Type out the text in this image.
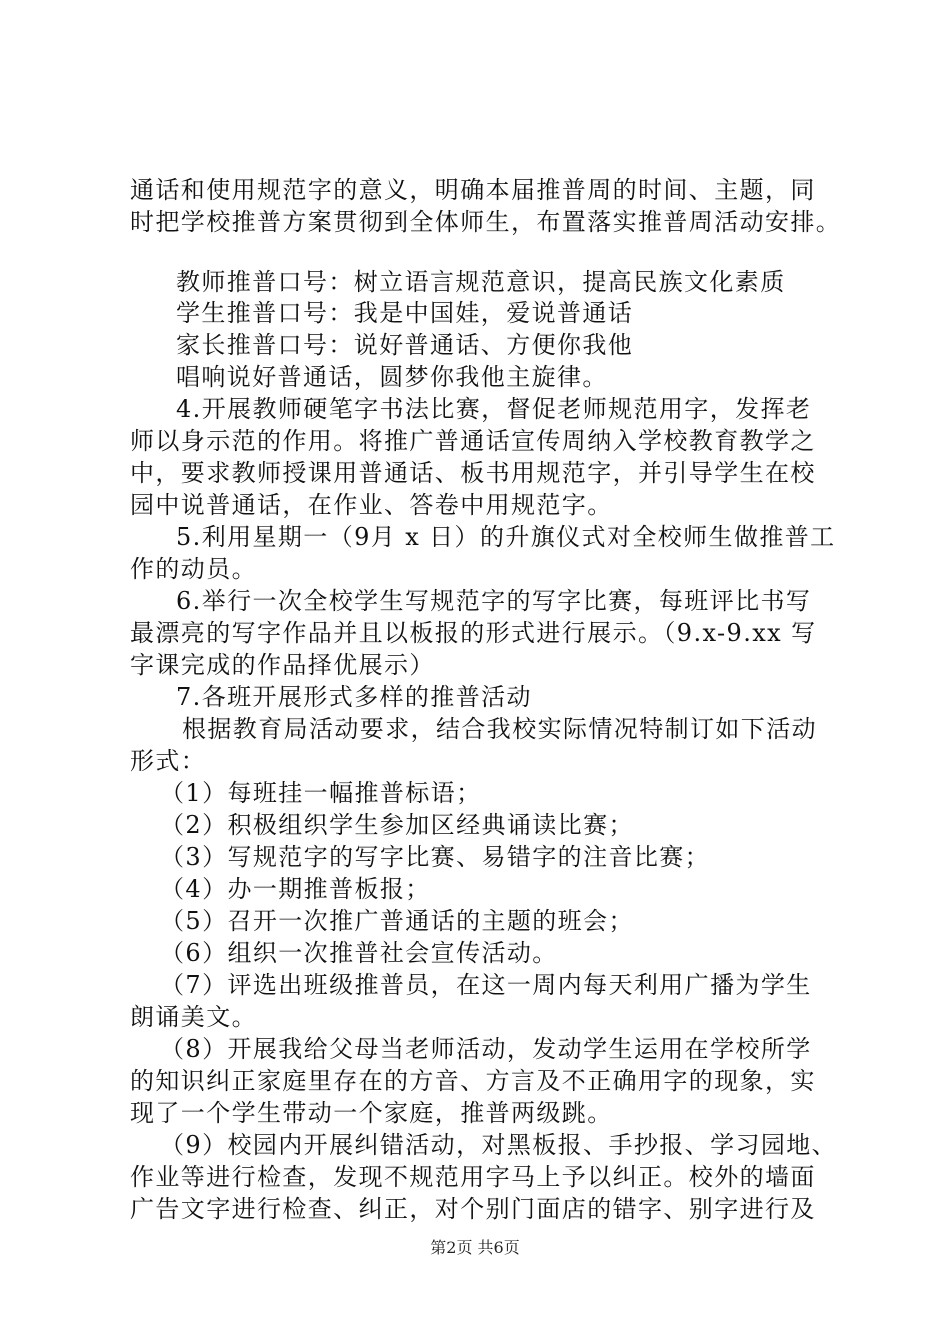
通话和使用规范字的意义，明确本届推普周的时间、主题，同
时把学校推普方案贯彻到全体师生，布置落实推普周活动安排。
教师推普口号：树立语言规范意识，提高民族文化素质
学生推普口号：我是中国娃，爱说普通话
家长推普口号：说好普通话、方便你我他
唱响说好普通话，圆梦你我他主旋律。
4.开展教师硬笔字书法比赛，督促老师规范用字，发挥老
师以身示范的作用。将推广普通话宣传周纳入学校教育教学之
中，要求教师授课用普通话、板书用规范字，并引导学生在校
园中说普通话，在作业、答卷中用规范字。
5.利用星期一（9月 x 日）的升旗仪式对全校师生做推普工
作的动员。
6.举行一次全校学生写规范字的写字比赛，每班评比书写
最漂亮的写字作品并且以板报的形式进行展示。（9.x-9.xx 写
字课完成的作品择优展示）
7.各班开展形式多样的推普活动
根据教育局活动要求，结合我校实际情况特制订如下活动
形式：
（1）每班挂一幅推普标语；
（2）积极组织学生参加区经典诵读比赛；
（3）写规范字的写字比赛、易错字的注音比赛；
（4）办一期推普板报；
（5）召开一次推广普通话的主题的班会；
（6）组织一次推普社会宣传活动。
（7）评选出班级推普员，在这一周内每天利用广播为学生
朗诵美文。
（8）开展我给父母当老师活动，发动学生运用在学校所学
的知识纠正家庭里存在的方音、方言及不正确用字的现象，实
现了一个学生带动一个家庭，推普两级跳。
（9）校园内开展纠错活动，对黑板报、手抄报、学习园地、
作业等进行检查，发现不规范用字马上予以纠正。校外的墙面
广告文字进行检查、纠正，对个别门面店的错字、别字进行及
第2页 共6页
